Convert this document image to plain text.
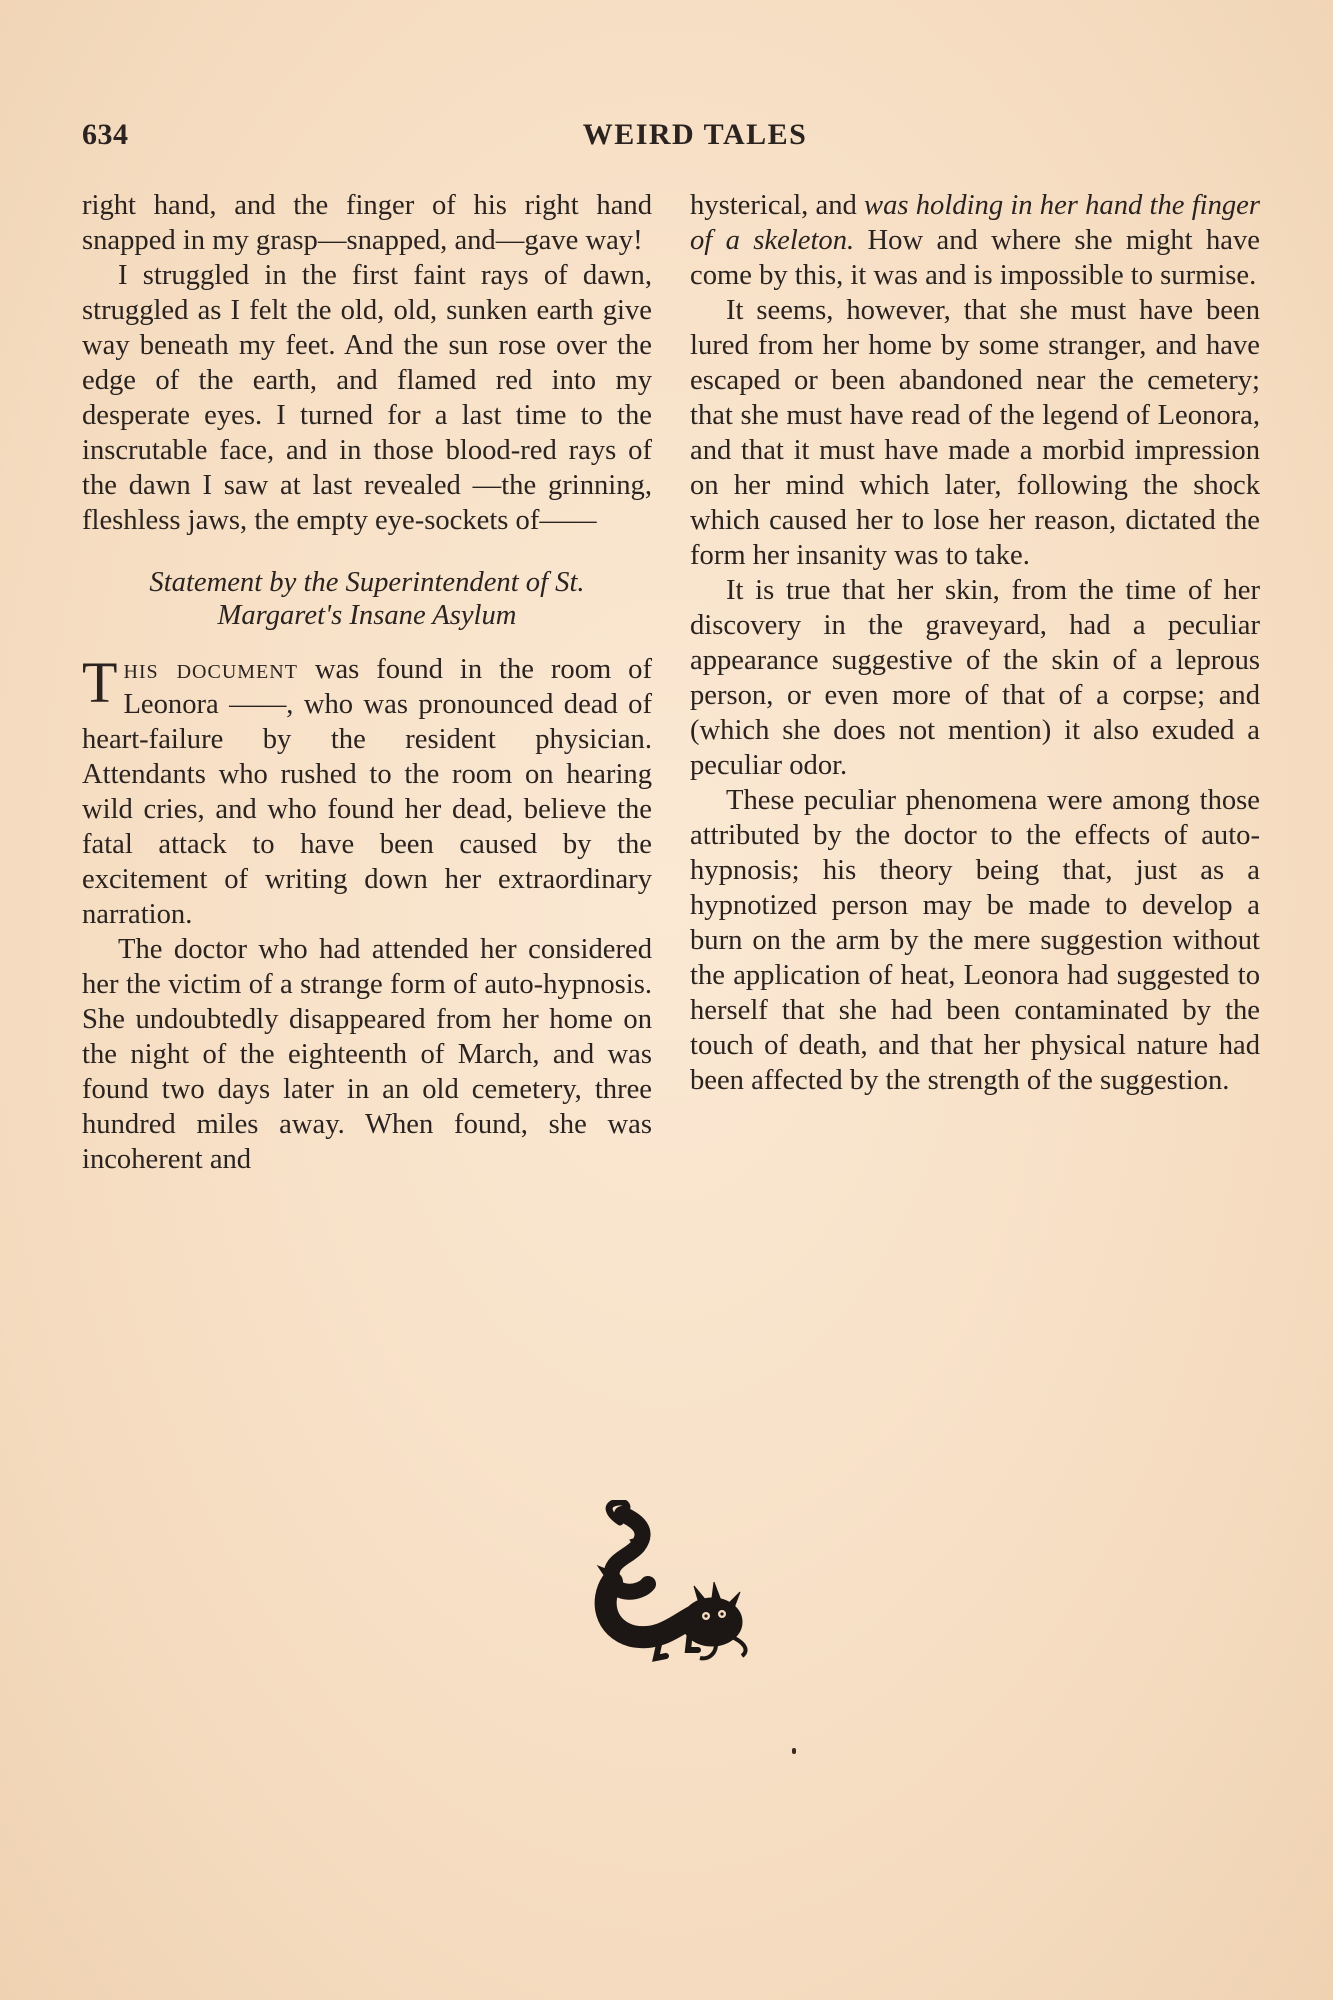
634	WEIRD TALES

right hand, and the finger of his right hand snapped in my grasp—snapped, and—gave way!

I struggled in the first faint rays of dawn, struggled as I felt the old, old, sunken earth give way beneath my feet. And the sun rose over the edge of the earth, and flamed red into my desperate eyes. I turned for a last time to the inscrutable face, and in those blood-red rays of the dawn I saw at last revealed —the grinning, fleshless jaws, the empty eye-sockets of——

Statement by the Superintendent of St.
Margaret's Insane Asylum

This document was found in the room of Leonora ——, who was pronounced dead of heart-failure by the resident physician. Attendants who rushed to the room on hearing wild cries, and who found her dead, believe the fatal attack to have been caused by the excitement of writing down her extraordinary narration.

The doctor who had attended her considered her the victim of a strange form of auto-hypnosis. She undoubtedly disappeared from her home on the night of the eighteenth of March, and was found two days later in an old cemetery, three hundred miles away. When found, she was incoherent and

hysterical, and was holding in her hand the finger of a skeleton. How and where she might have come by this, it was and is impossible to surmise.

It seems, however, that she must have been lured from her home by some stranger, and have escaped or been abandoned near the cemetery; that she must have read of the legend of Leonora, and that it must have made a morbid impression on her mind which later, following the shock which caused her to lose her reason, dictated the form her insanity was to take.

It is true that her skin, from the time of her discovery in the graveyard, had a peculiar appearance suggestive of the skin of a leprous person, or even more of that of a corpse; and (which she does not mention) it also exuded a peculiar odor.

These peculiar phenomena were among those attributed by the doctor to the effects of auto-hypnosis; his theory being that, just as a hypnotized person may be made to develop a burn on the arm by the mere suggestion without the application of heat, Leonora had suggested to herself that she had been contaminated by the touch of death, and that her physical nature had been affected by the strength of the suggestion.
